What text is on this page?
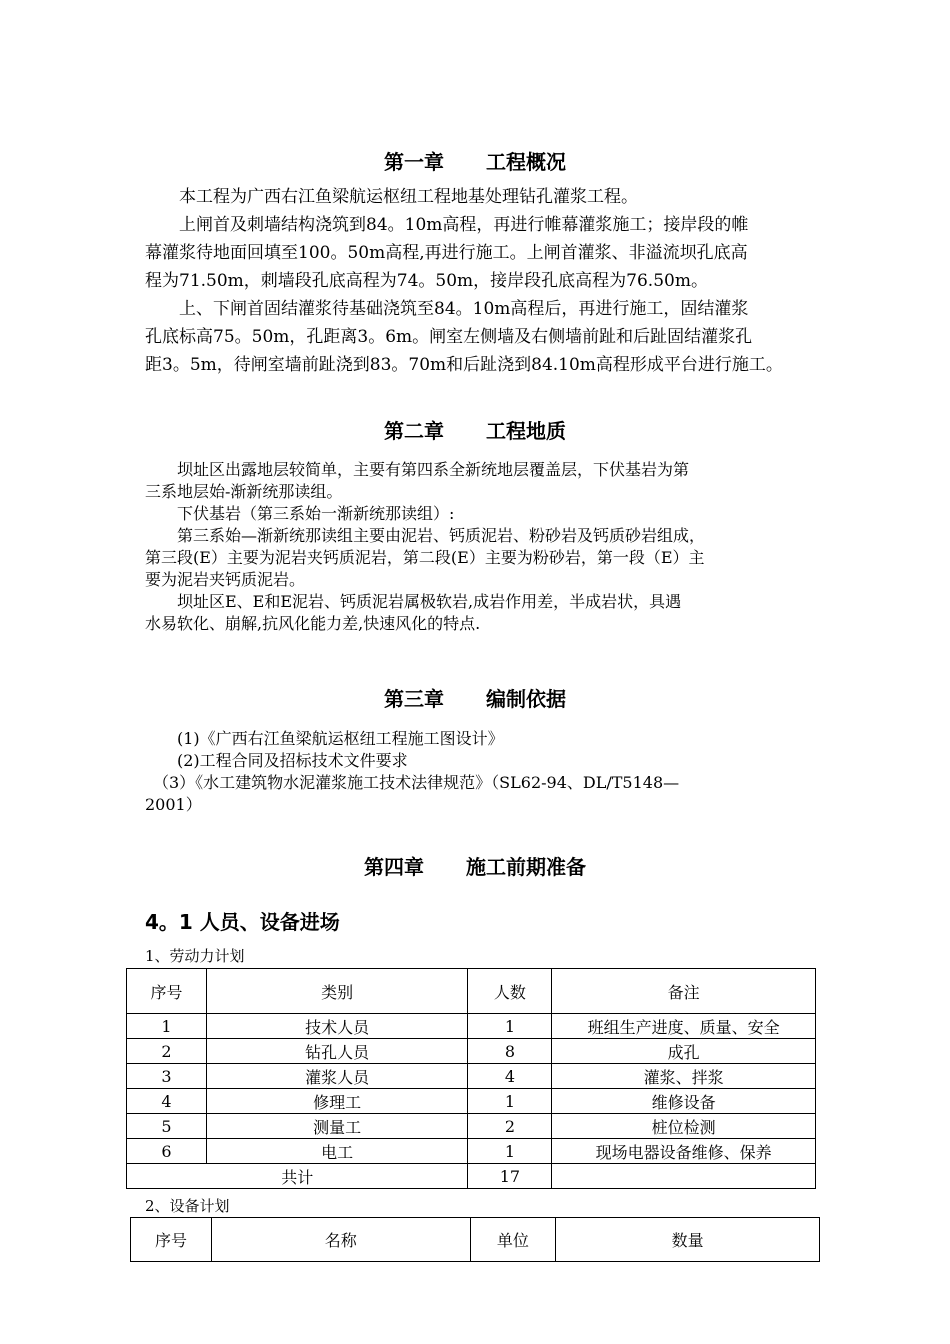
第一章 工程概况
　　本工程为广西右江鱼梁航运枢纽工程地基处理钻孔灌浆工程。
　　上闸首及刺墙结构浇筑到84。10m高程，再进行帷幕灌浆施工；接岸段的帷
幕灌浆待地面回填至100。50m高程,再进行施工。上闸首灌浆、非溢流坝孔底高
程为71.50m，刺墙段孔底高程为74。50m，接岸段孔底高程为76.50m。
　　上、下闸首固结灌浆待基础浇筑至84。10m高程后，再进行施工，固结灌浆
孔底标高75。50m，孔距离3。6m。闸室左侧墙及右侧墙前趾和后趾固结灌浆孔
距3。5m，待闸室墙前趾浇到83。70m和后趾浇到84.10m高程形成平台进行施工。
第二章 工程地质
　　坝址区出露地层较简单，主要有第四系全新统地层覆盖层，下伏基岩为第
三系地层始-渐新统那读组。
　　下伏基岩（第三系始一渐新统那读组）:
　　第三系始—渐新统那读组主要由泥岩、钙质泥岩、粉砂岩及钙质砂岩组成，
第三段(E）主要为泥岩夹钙质泥岩，第二段(E）主要为粉砂岩，第一段（E）主
要为泥岩夹钙质泥岩。
　　坝址区E、E和E泥岩、钙质泥岩属极软岩,成岩作用差，半成岩状，具遇
水易软化、崩解,抗风化能力差,快速风化的特点.
第三章 编制依据
　　(1)《广西右江鱼梁航运枢纽工程施工图设计》
　　(2)工程合同及招标技术文件要求
　（3）《水工建筑物水泥灌浆施工技术法律规范》（SL62-94、DL/T5148—
2001）
第四章 施工前期准备
4。1 人员、设备进场
1、劳动力计划
序号	类别	人数	备注
1	技术人员	1	班组生产进度、质量、安全
2	钻孔人员	8	成孔
3	灌浆人员	4	灌浆、拌浆
4	修理工	1	维修设备
5	测量工	2	桩位检测
6	电工	1	现场电器设备维修、保养
共计		17	
2、设备计划
序号	名称	单位	数量
